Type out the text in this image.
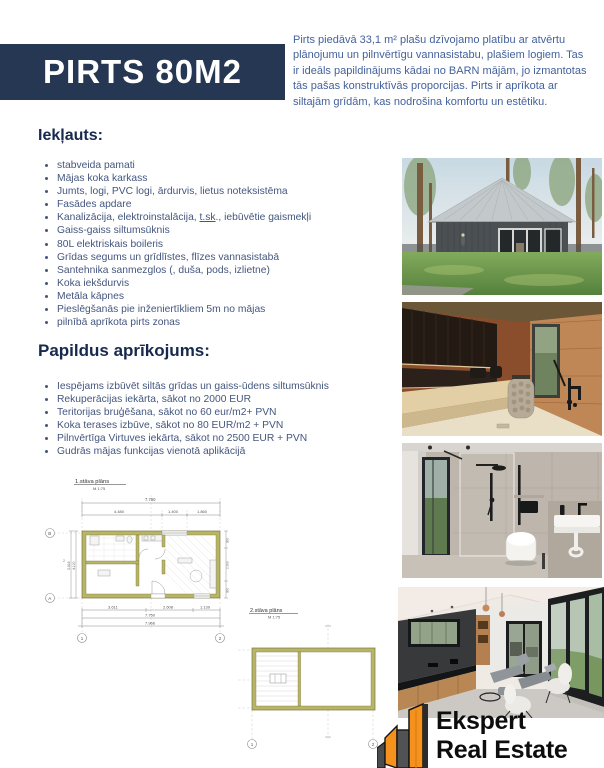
PIRTS 80M2
Pirts piedāvā 33,1 m² plašu dzīvojamo platību ar atvērtu plānojumu un pilnvērtīgu vannasistabu, plašiem logiem. Tas ir ideāls papildinājums kādai no BARN mājām, jo izmantotas tās pašas konstruktīvās proporcijas. Pirts ir aprīkota ar siltajām grīdām, kas nodrošina komfortu un estētiku.
Iekļauts:
• stabveida pamati
• Mājas koka karkass
• Jumts, logi, PVC logi, ārdurvis, lietus noteksistēma
• Fasādes apdare
• Kanalizācija, elektroinstalācija, t.sk., iebūvētie gaismekļi
• Gaiss-gaiss siltumsūknis
• 80L elektriskais boileris
• Grīdas segums un grīdlīstes, flīzes vannasistabā
• Santehnika sanmezglos (, duša, pods, izlietne)
• Koka iekšdurvis
• Metāla kāpnes
• Pieslēgšanās pie inženiertīkliem 5m no mājas
• pilnībā aprīkota pirts zonas
Papildus aprīkojums:
• Iespējams izbūvēt siltās grīdas un gaiss-ūdens siltumsūknis
• Rekuperācijas iekārta, sākot no 2000 EUR
• Teritorijas bruģēšana, sākot no 60 eur/m2+ PVN
• Koka terases izbūve, sākot no 80 EUR/m2 + PVN
• Pilnvērtīga Virtuves iekārta, sākot no 2500 EUR + PVN
• Gudrās mājas funkcijas vienotā aplikācijā
1.stāva plāns
M 1:75
7.750
4.480	1.400	1.860
B
A
1	2
2
3.611	2.608	1.139
7.750
7.966
4.100
3.616
900
2.280
900
2.stāva plāns
M 1:75
1	2
Ekspert
Real Estate
